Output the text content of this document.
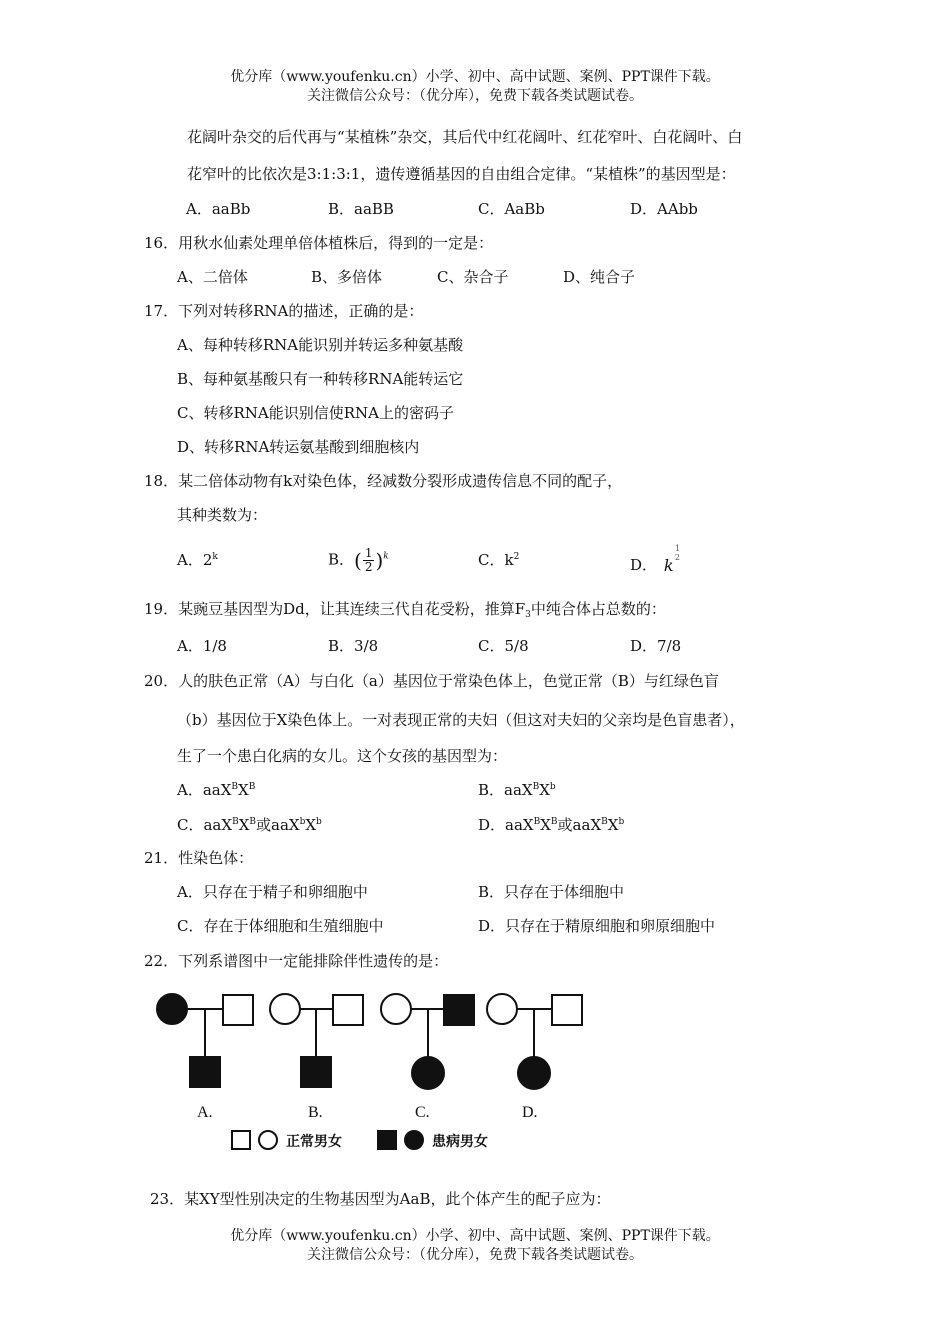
优分库（www.youfenku.cn）小学、初中、高中试题、案例、PPT课件下载。
关注微信公众号：（优分库），免费下载各类试题试卷。
花阔叶杂交的后代再与“某植株”杂交，其后代中红花阔叶、红花窄叶、白花阔叶、白
花窄叶的比依次是3:1:3:1，遗传遵循基因的自由组合定律。“某植株”的基因型是：
A．aaBb	B．aaBB	C．AaBb	D．AAbb
16．用秋水仙素处理单倍体植株后，得到的一定是：
A、二倍体	B、多倍体	C、杂合子	D、纯合子
17．下列对转移RNA的描述，正确的是：
A、每种转移RNA能识别并转运多种氨基酸
B、每种氨基酸只有一种转移RNA能转运它
C、转移RNA能识别信使RNA上的密码子
D、转移RNA转运氨基酸到细胞核内
18．某二倍体动物有k对染色体，经减数分裂形成遗传信息不同的配子，
其种类数为：
A．2$^k$	B．( $\frac{1}{2} )^k$	C．$k^2$	D． k
1
2
19．某豌豆基因型为Dd，让其连续三代自花受粉，推算$F_3$中纯合体占总数的：
A．1/8	B．3/8	C．5/8	D．7/8
20．人的肤色正常（A）与白化（a）基因位于常染色体上，色觉正常（B）与红绿色盲
（b）基因位于X染色体上。一对表现正常的夫妇（但这对夫妇的父亲均是色盲患者），
生了一个患白化病的女儿。这个女孩的基因型为：
A．$aaX^BX^B$	B．$aaX^BX^b$
C．$aaX^BX^B$或$aaX^bX^b$	D．$aaX^BX^B$或$aaX^BX^b$
21．性染色体：
A．只存在于精子和卵细胞中	B．只存在于体细胞中
C．存在于体细胞和生殖细胞中	D．只存在于精原细胞和卵原细胞中
22．下列系谱图中一定能排除伴性遗传的是：
A.	B.	C.	D.
正常男女	患病男女
23．某XY型性别决定的生物基因型为AaB，此个体产生的配子应为：
优分库（www.youfenku.cn）小学、初中、高中试题、案例、PPT课件下载。
关注微信公众号：（优分库），免费下载各类试题试卷。
